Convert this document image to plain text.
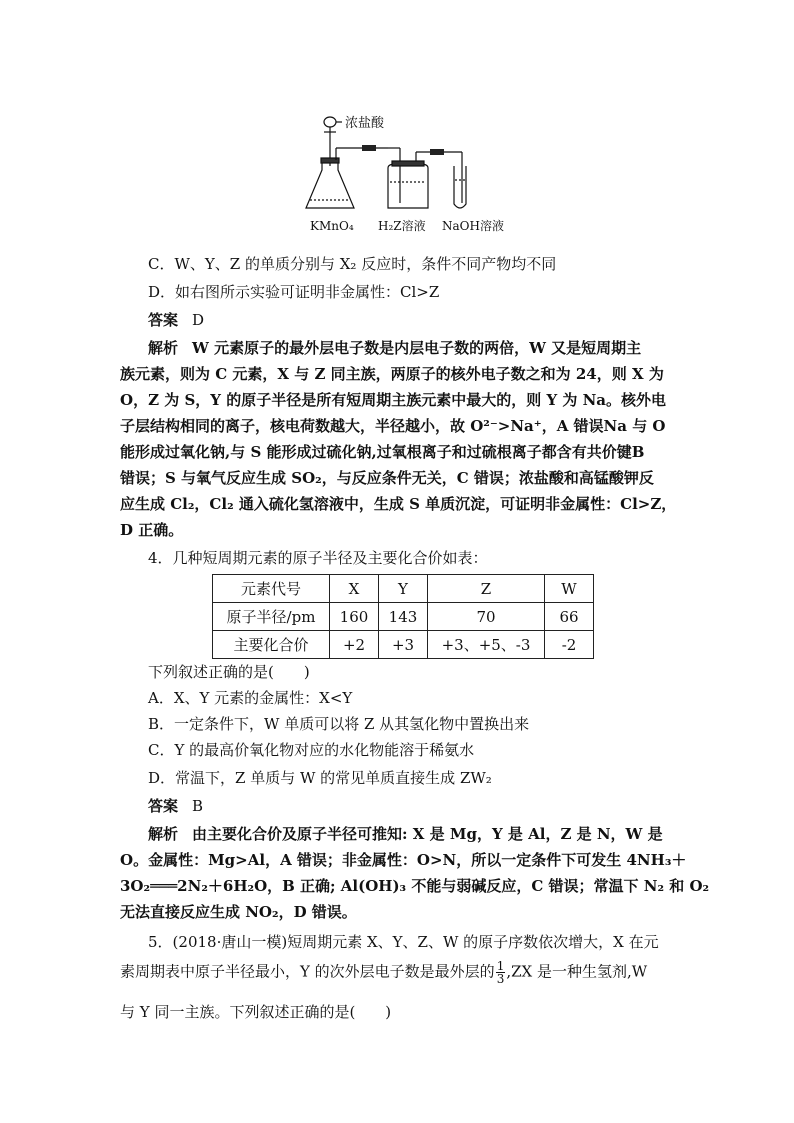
浓盐酸
KMnO₄ H₂Z溶液 NaOH溶液
C．W、Y、Z 的单质分别与 X₂ 反应时，条件不同产物均不同
D．如右图所示实验可证明非金属性：Cl>Z
答案 D
解析 W 元素原子的最外层电子数是内层电子数的两倍，W 又是短周期主
族元素，则为 C 元素，X 与 Z 同主族，两原子的核外电子数之和为 24，则 X 为
O，Z 为 S，Y 的原子半径是所有短周期主族元素中最大的，则 Y 为 Na。核外电
子层结构相同的离子，核电荷数越大，半径越小，故 O²⁻>Na⁺，A 错误Na 与 O
能形成过氧化钠,与 S 能形成过硫化钠,过氧根离子和过硫根离子都含有共价键B
错误；S 与氧气反应生成 SO₂，与反应条件无关，C 错误；浓盐酸和高锰酸钾反
应生成 Cl₂，Cl₂ 通入硫化氢溶液中，生成 S 单质沉淀，可证明非金属性：Cl>Z，
D 正确。
4．几种短周期元素的原子半径及主要化合价如表：
元素代号	X	Y	Z	W
原子半径/pm	160	143	70	66
主要化合价	+2	+3	+3、+5、-3	-2
下列叙述正确的是(　　)
A．X、Y 元素的金属性：X<Y
B．一定条件下，W 单质可以将 Z 从其氢化物中置换出来
C．Y 的最高价氧化物对应的水化物能溶于稀氨水
D．常温下，Z 单质与 W 的常见单质直接生成 ZW₂
答案 B
解析 由主要化合价及原子半径可推知: X 是 Mg，Y 是 Al，Z 是 N，W 是
O。金属性：Mg>Al，A 错误；非金属性：O>N，所以一定条件下可发生 4NH₃＋
3O₂═══2N₂＋6H₂O，B 正确; Al(OH)₃ 不能与弱碱反应，C 错误；常温下 N₂ 和 O₂
无法直接反应生成 NO₂，D 错误。
5．(2018·唐山一模)短周期元素 X、Y、Z、W 的原子序数依次增大，X 在元
素周期表中原子半径最小，Y 的次外层电子数是最外层的 $\frac{1}{3} ,ZX$ 是一种生氢剂,W
与 Y 同一主族。下列叙述正确的是(　　)
